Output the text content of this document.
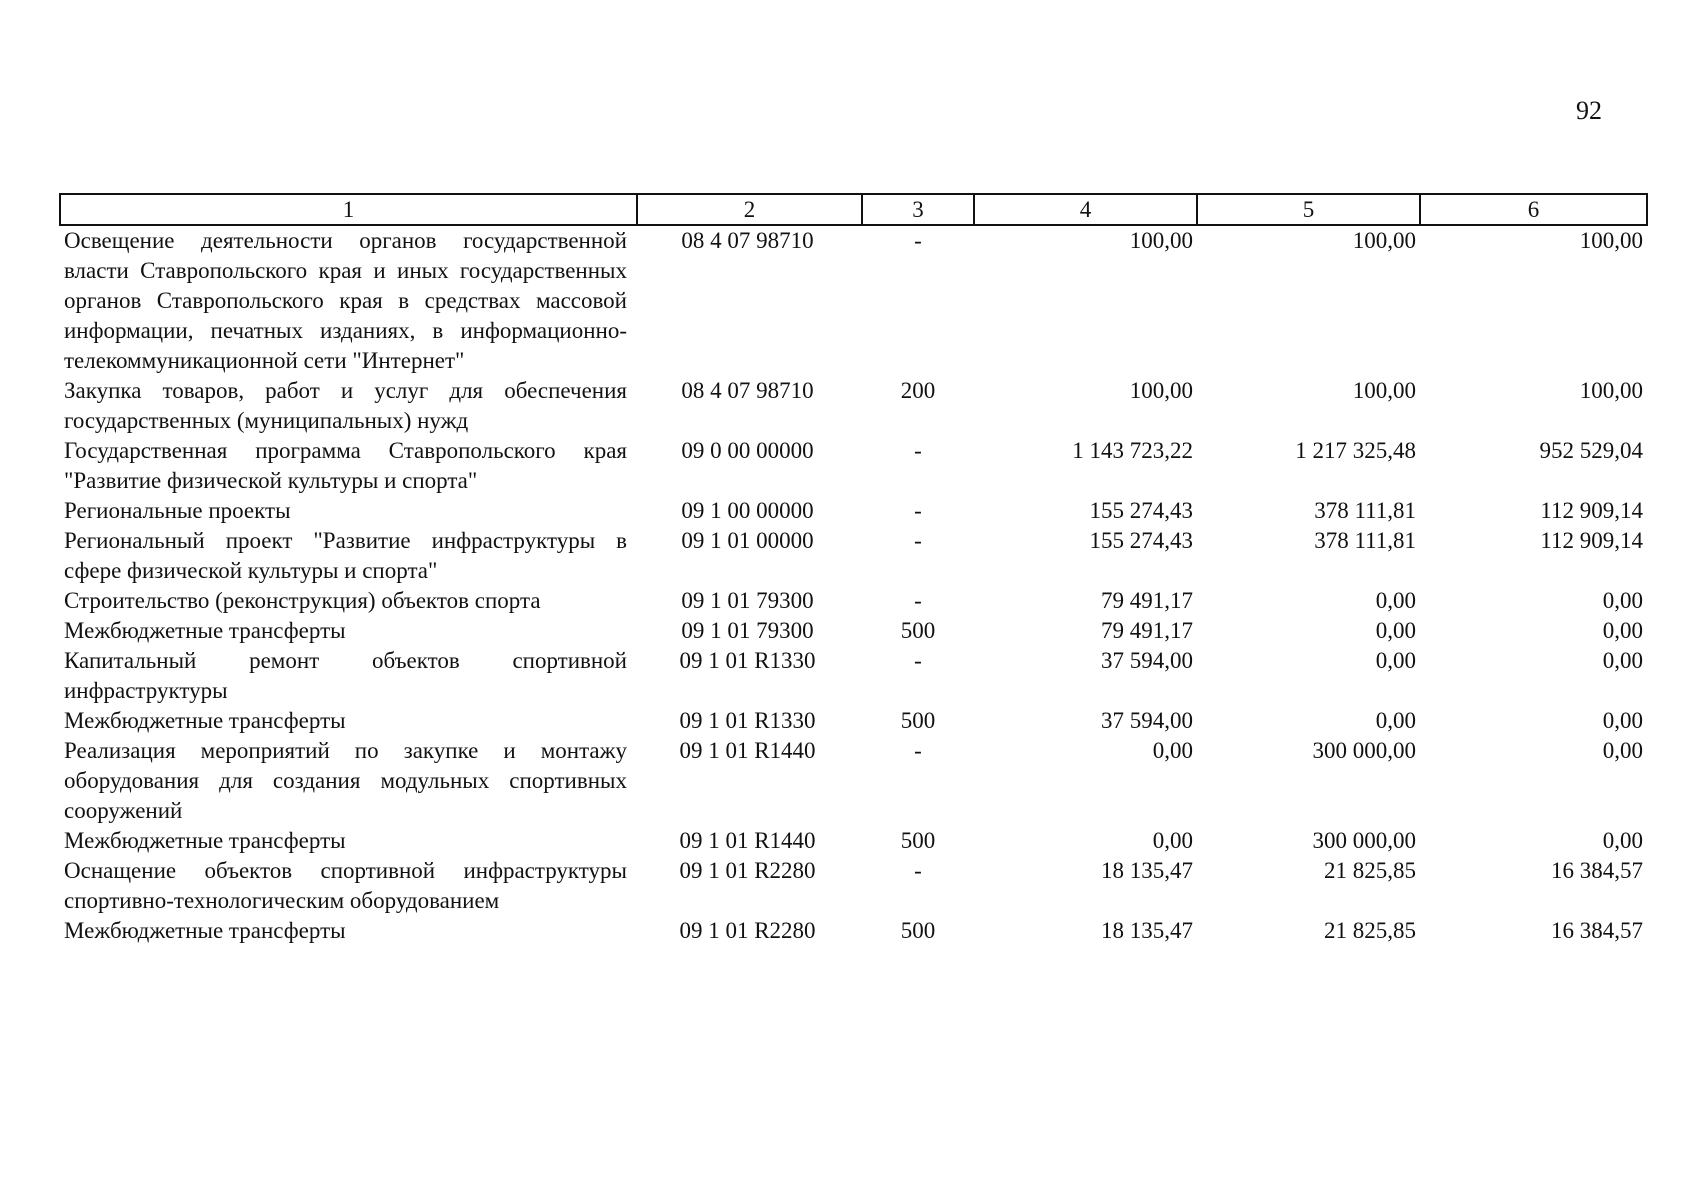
92
1	2	3	4	5	6
Освещение деятельности органов государственной власти Ставропольского края и иных государственных органов Ставропольского края в средствах массовой информации, печатных изданиях, в информационно-телекоммуникационной сети "Интернет"	08 4 07 98710	-	100,00	100,00	100,00
Закупка товаров, работ и услуг для обеспечения государственных (муниципальных) нужд	08 4 07 98710	200	100,00	100,00	100,00
Государственная программа Ставропольского края "Развитие физической культуры и спорта"	09 0 00 00000	-	1 143 723,22	1 217 325,48	952 529,04
Региональные проекты	09 1 00 00000	-	155 274,43	378 111,81	112 909,14
Региональный проект "Развитие инфраструктуры в сфере физической культуры и спорта"	09 1 01 00000	-	155 274,43	378 111,81	112 909,14
Строительство (реконструкция) объектов спорта	09 1 01 79300	-	79 491,17	0,00	0,00
Межбюджетные трансферты	09 1 01 79300	500	79 491,17	0,00	0,00
Капитальный ремонт объектов спортивной инфраструктуры	09 1 01 R1330	-	37 594,00	0,00	0,00
Межбюджетные трансферты	09 1 01 R1330	500	37 594,00	0,00	0,00
Реализация мероприятий по закупке и монтажу оборудования для создания модульных спортивных сооружений	09 1 01 R1440	-	0,00	300 000,00	0,00
Межбюджетные трансферты	09 1 01 R1440	500	0,00	300 000,00	0,00
Оснащение объектов спортивной инфраструктуры спортивно-технологическим оборудованием	09 1 01 R2280	-	18 135,47	21 825,85	16 384,57
Межбюджетные трансферты	09 1 01 R2280	500	18 135,47	21 825,85	16 384,57
